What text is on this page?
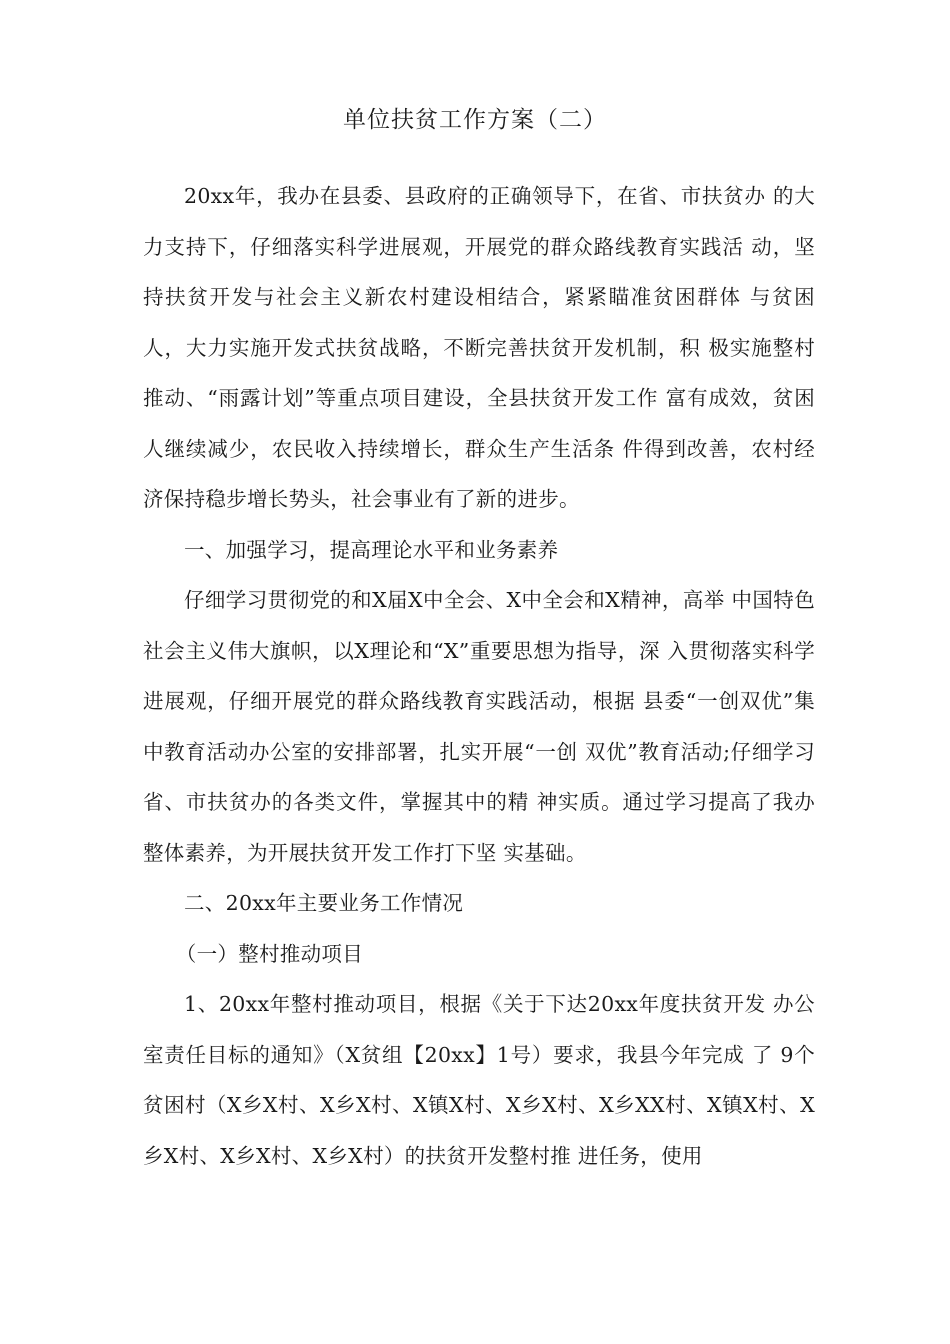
单位扶贫工作方案（二）

20xx年，我办在县委、县政府的正确领导下，在省、市扶贫办 的大力支持下，仔细落实科学进展观，开展党的群众路线教育实践活 动，坚持扶贫开发与社会主义新农村建设相结合，紧紧瞄准贫困群体 与贫困人，大力实施开发式扶贫战略，不断完善扶贫开发机制，积 极实施整村推动、“雨露计划”等重点项目建设，全县扶贫开发工作 富有成效，贫困人继续减少，农民收入持续增长，群众生产生活条 件得到改善，农村经济保持稳步增长势头，社会事业有了新的进步。

一、加强学习，提高理论水平和业务素养

仔细学习贯彻党的和X届X中全会、X中全会和X精神，高举 中国特色社会主义伟大旗帜，以X理论和“X”重要思想为指导，深 入贯彻落实科学进展观，仔细开展党的群众路线教育实践活动，根据 县委“一创双优”集中教育活动办公室的安排部署，扎实开展“一创 双优”教育活动;仔细学习省、市扶贫办的各类文件，掌握其中的精 神实质。通过学习提高了我办整体素养，为开展扶贫开发工作打下坚 实基础。

二、20xx年主要业务工作情况

（一）整村推动项目

1、20xx年整村推动项目，根据《关于下达20xx年度扶贫开发 办公室责任目标的通知》（X贫组【20xx】1号）要求，我县今年完成 了 9个贫困村（X乡X村、X乡X村、X镇X村、X乡X村、X乡XX村、X镇X村、X乡X村、X乡X村、X乡X村）的扶贫开发整村推 进任务，使用
